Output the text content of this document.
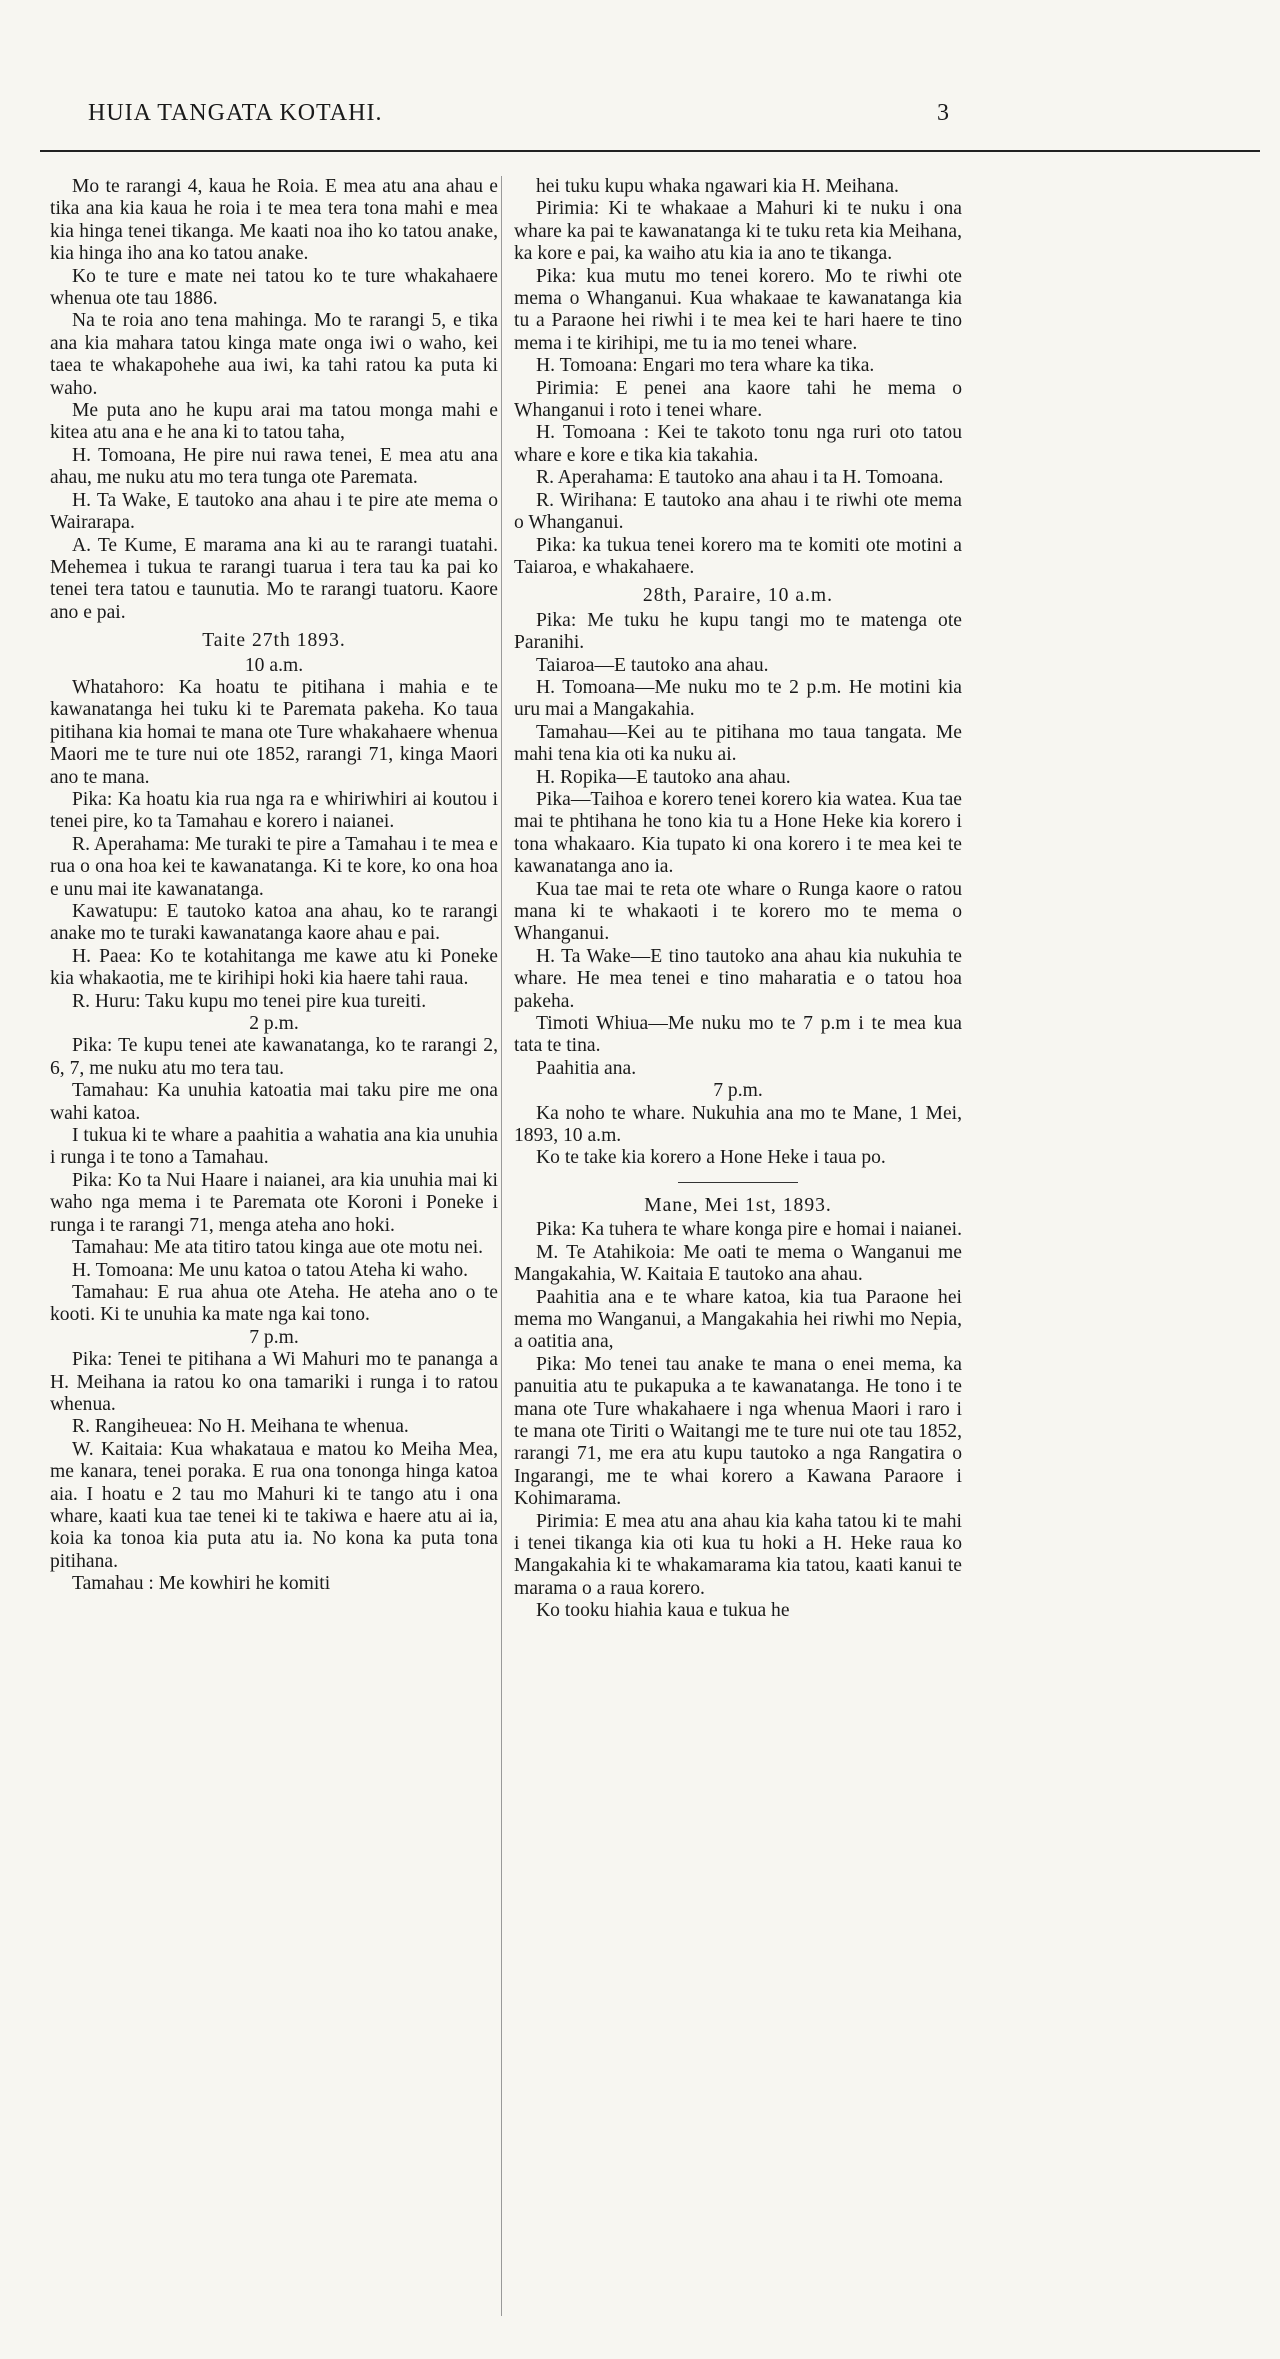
HUIA TANGATA KOTAHI.	3

Mo te rarangi 4, kaua he Roia. E mea atu ana ahau e tika ana kia kaua he roia i te mea tera tona mahi e mea kia hinga tenei tikanga. Me kaati noa iho ko tatou anake, kia hinga iho ana ko tatou anake.

Ko te ture e mate nei tatou ko te ture whakahaere whenua ote tau 1886.

Na te roia ano tena mahinga. Mo te rarangi 5, e tika ana kia mahara tatou kinga mate onga iwi o waho, kei taea te whakapohehe aua iwi, ka tahi ratou ka puta ki waho.

Me puta ano he kupu arai ma tatou monga mahi e kitea atu ana e he ana ki to tatou taha,

H. Tomoana, He pire nui rawa tenei, E mea atu ana ahau, me nuku atu mo tera tunga ote Paremata.

H. Ta Wake, E tautoko ana ahau i te pire ate mema o Wairarapa.

A. Te Kume, E marama ana ki au te rarangi tuatahi. Mehemea i tukua te rarangi tuarua i tera tau ka pai ko tenei tera tatou e taunutia. Mo te rarangi tuatoru. Kaore ano e pai.

Taite 27th 1893.

10 a.m.

Whatahoro: Ka hoatu te pitihana i mahia e te kawanatanga hei tuku ki te Paremata pakeha. Ko taua pitihana kia homai te mana ote Ture whakahaere whenua Maori me te ture nui ote 1852, rarangi 71, kinga Maori ano te mana.

Pika: Ka hoatu kia rua nga ra e whiriwhiri ai koutou i tenei pire, ko ta Tamahau e korero i naianei.

R. Aperahama: Me turaki te pire a Tamahau i te mea e rua o ona hoa kei te kawanatanga. Ki te kore, ko ona hoa e unu mai ite kawanatanga.

Kawatupu: E tautoko katoa ana ahau, ko te rarangi anake mo te turaki kawanatanga kaore ahau e pai.

H. Paea: Ko te kotahitanga me kawe atu ki Poneke kia whakaotia, me te kirihipi hoki kia haere tahi raua.

R. Huru: Taku kupu mo tenei pire kua tureiti.

2 p.m.

Pika: Te kupu tenei ate kawanatanga, ko te rarangi 2, 6, 7, me nuku atu mo tera tau.

Tamahau: Ka unuhia katoatia mai taku pire me ona wahi katoa.

I tukua ki te whare a paahitia a wahatia ana kia unuhia i runga i te tono a Tamahau.

Pika: Ko ta Nui Haare i naianei, ara kia unuhia mai ki waho nga mema i te Paremata ote Koroni i Poneke i runga i te rarangi 71, menga ateha ano hoki.

Tamahau: Me ata titiro tatou kinga aue ote motu nei.

H. Tomoana: Me unu katoa o tatou Ateha ki waho.

Tamahau: E rua ahua ote Ateha. He ateha ano o te kooti. Ki te unuhia ka mate nga kai tono.

7 p.m.

Pika: Tenei te pitihana a Wi Mahuri mo te pananga a H. Meihana ia ratou ko ona tamariki i runga i to ratou whenua.

R. Rangiheuea: No H. Meihana te whenua.

W. Kaitaia: Kua whakataua e matou ko Meiha Mea, me kanara, tenei poraka. E rua ona tononga hinga katoa aia. I hoatu e 2 tau mo Mahuri ki te tango atu i ona whare, kaati kua tae tenei ki te takiwa e haere atu ai ia, koia ka tonoa kia puta atu ia. No kona ka puta tona pitihana.

Tamahau : Me kowhiri he komiti

hei tuku kupu whaka ngawari kia H. Meihana.

Pirimia: Ki te whakaae a Mahuri ki te nuku i ona whare ka pai te kawanatanga ki te tuku reta kia Meihana, ka kore e pai, ka waiho atu kia ia ano te tikanga.

Pika: kua mutu mo tenei korero. Mo te riwhi ote mema o Whanganui. Kua whakaae te kawanatanga kia tu a Paraone hei riwhi i te mea kei te hari haere te tino mema i te kirihipi, me tu ia mo tenei whare.

H. Tomoana: Engari mo tera whare ka tika.

Pirimia: E penei ana kaore tahi he mema o Whanganui i roto i tenei whare.

H. Tomoana : Kei te takoto tonu nga ruri oto tatou whare e kore e tika kia takahia.

R. Aperahama: E tautoko ana ahau i ta H. Tomoana.

R. Wirihana: E tautoko ana ahau i te riwhi ote mema o Whanganui.

Pika: ka tukua tenei korero ma te komiti ote motini a Taiaroa, e whakahaere.

28th, Paraire, 10 a.m.

Pika: Me tuku he kupu tangi mo te matenga ote Paranihi.

Taiaroa—E tautoko ana ahau.

H. Tomoana—Me nuku mo te 2 p.m. He motini kia uru mai a Mangakahia.

Tamahau—Kei au te pitihana mo taua tangata. Me mahi tena kia oti ka nuku ai.

H. Ropika—E tautoko ana ahau.

Pika—Taihoa e korero tenei korero kia watea. Kua tae mai te phtihana he tono kia tu a Hone Heke kia korero i tona whakaaro. Kia tupato ki ona korero i te mea kei te kawanatanga ano ia.

Kua tae mai te reta ote whare o Runga kaore o ratou mana ki te whakaoti i te korero mo te mema o Whanganui.

H. Ta Wake—E tino tautoko ana ahau kia nukuhia te whare. He mea tenei e tino maharatia e o tatou hoa pakeha.

Timoti Whiua—Me nuku mo te 7 p.m i te mea kua tata te tina.

Paahitia ana.

7 p.m.

Ka noho te whare. Nukuhia ana mo te Mane, 1 Mei, 1893, 10 a.m.

Ko te take kia korero a Hone Heke i taua po.

Mane, Mei 1st, 1893.

Pika: Ka tuhera te whare konga pire e homai i naianei.

M. Te Atahikoia: Me oati te mema o Wanganui me Mangakahia, W. Kaitaia E tautoko ana ahau.

Paahitia ana e te whare katoa, kia tua Paraone hei mema mo Wanganui, a Mangakahia hei riwhi mo Nepia, a oatitia ana,

Pika: Mo tenei tau anake te mana o enei mema, ka panuitia atu te pukapuka a te kawanatanga. He tono i te mana ote Ture whakahaere i nga whenua Maori i raro i te mana ote Tiriti o Waitangi me te ture nui ote tau 1852, rarangi 71, me era atu kupu tautoko a nga Rangatira o Ingarangi, me te whai korero a Kawana Paraore i Kohimarama.

Pirimia: E mea atu ana ahau kia kaha tatou ki te mahi i tenei tikanga kia oti kua tu hoki a H. Heke raua ko Mangakahia ki te whakamarama kia tatou, kaati kanui te marama o a raua korero.

Ko tooku hiahia kaua e tukua he
